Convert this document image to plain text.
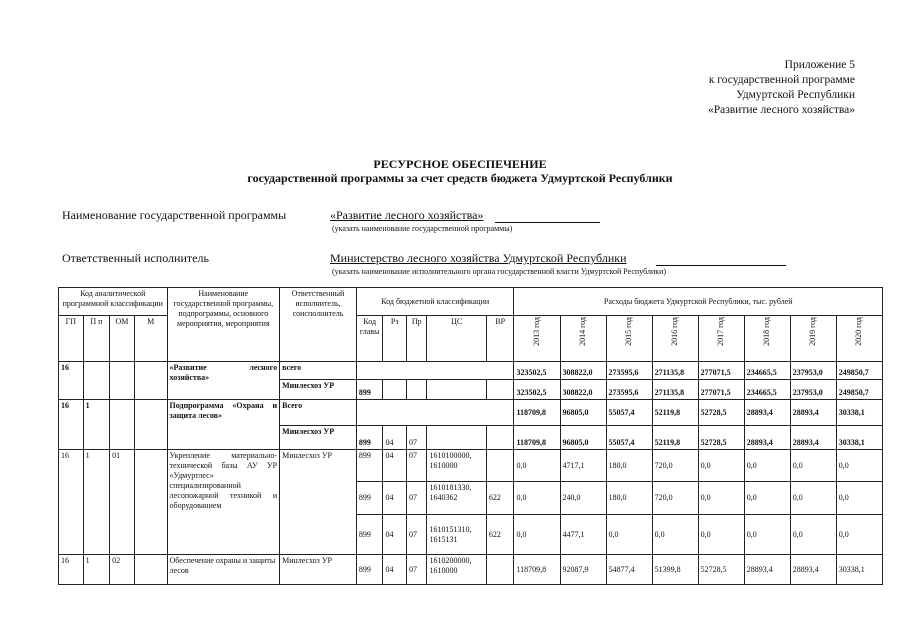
Приложение 5
к государственной программе
Удмуртской Республики
«Развитие лесного хозяйства»
РЕСУРСНОЕ ОБЕСПЕЧЕНИЕ
государственной программы за счет средств бюджета Удмуртской Республики
Наименование государственной программы	«Развитие лесного хозяйства»
(указать наименование государственной программы)
Ответственный исполнитель	Министерство лесного хозяйства Удмуртской Республики
(указать наименование исполнительного органа государственной власти Удмуртской Республики)
Код аналитической программной классификации				Наименование государственной программы, подпрограммы, основного мероприятия, мероприятия	Ответственный исполнитель, соисполнитель	Код бюджетной классификации					Расходы бюджета Удмуртской Республики, тыс. рублей							
ГП	П п	ОМ	М			Код главы	Рз	Пр	ЦС	ВР	2013 год	2014 год	2015 год	2016 год	2017 год	2018 год	2019 год	2020 год

16				«Развитие лесного хозяйства»	всего						323502,5	308822,0	273595,6	271135,8	277071,5	234665,5	237953,0	249850,7
					Минлесхоз УР	899					323502,5	308822,0	273595,6	271135,8	277071,5	234665,5	237953,0	249850,7
16	1			Подпрограмма «Охрана и защита лесов»	Всего						118709,8	96805,0	55057,4	52119,8	52728,5	28893,4	28893,4	30338,1
					Минлесхоз УР	899	04	07			118709,8	96805,0	55057,4	52119,8	52728,5	28893,4	28893,4	30338,1
16	1	01		Укрепление материально-технической базы АУ УР «Удмуртлес» специализированной лесопожарной техникой и оборудованием	Минлесхоз УР	899	04	07	1610100000, 1610000		0,0	4717,1	180,0	720,0	0,0	0,0	0,0	0,0
						899	04	07	1610181330, 1640362	622	0,0	240,0	180,0	720,0	0,0	0,0	0,0	0,0
						899	04	07	1610151310, 1615131	622	0,0	4477,1	0,0	0,0	0,0	0,0	0,0	0,0
16	1	02		Обеспечение охраны и защиты лесов	Минлесхоз УР	899	04	07	1610200000, 1610000		118709,8	92087,9	54877,4	51399,8	52728,5	28893,4	28893,4	30338,1
